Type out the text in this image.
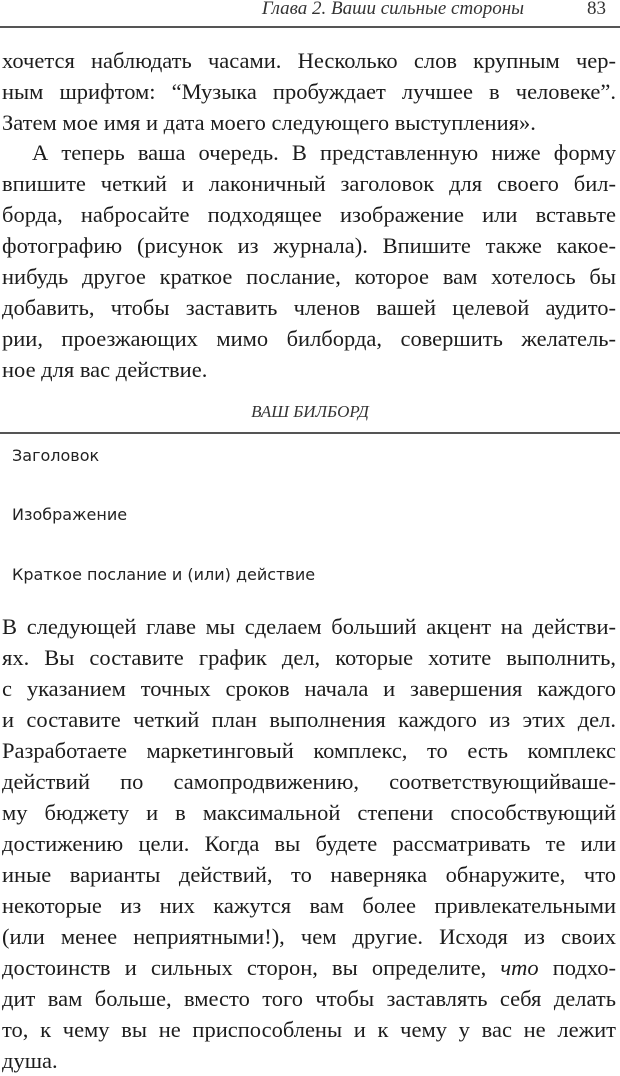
Глава 2. Ваши сильные стороны	83
хочется наблюдать часами. Несколько слов крупным чер-
ным шрифтом: “Музыка пробуждает лучшее в человеке”.
Затем мое имя и дата моего следующего выступления».
А теперь ваша очередь. В представленную ниже форму
впишите четкий и лаконичный заголовок для своего бил-
борда, набросайте подходящее изображение или вставьте
фотографию (рисунок из журнала). Впишите также какое-
нибудь другое краткое послание, которое вам хотелось бы
добавить, чтобы заставить членов вашей целевой аудито-
рии, проезжающих мимо билборда, совершить желатель-
ное для вас действие.
ВАШ БИЛБОРД
Заголовок
Изображение
Краткое послание и (или) действие
В следующей главе мы сделаем больший акцент на действи-
ях. Вы составите график дел, которые хотите выполнить,
с указанием точных сроков начала и завершения каждого
и составите четкий план выполнения каждого из этих дел.
Разработаете маркетинговый комплекс, то есть комплекс
действий по самопродвижению, соответствующийваше-
му бюджету и в максимальной степени способствующий
достижению цели. Когда вы будете рассматривать те или
иные варианты действий, то наверняка обнаружите, что
некоторые из них кажутся вам более привлекательными
(или менее неприятными!), чем другие. Исходя из своих
достоинств и сильных сторон, вы определите, что подхо-
дит вам больше, вместо того чтобы заставлять себя делать
то, к чему вы не приспособлены и к чему у вас не лежит
душа.
